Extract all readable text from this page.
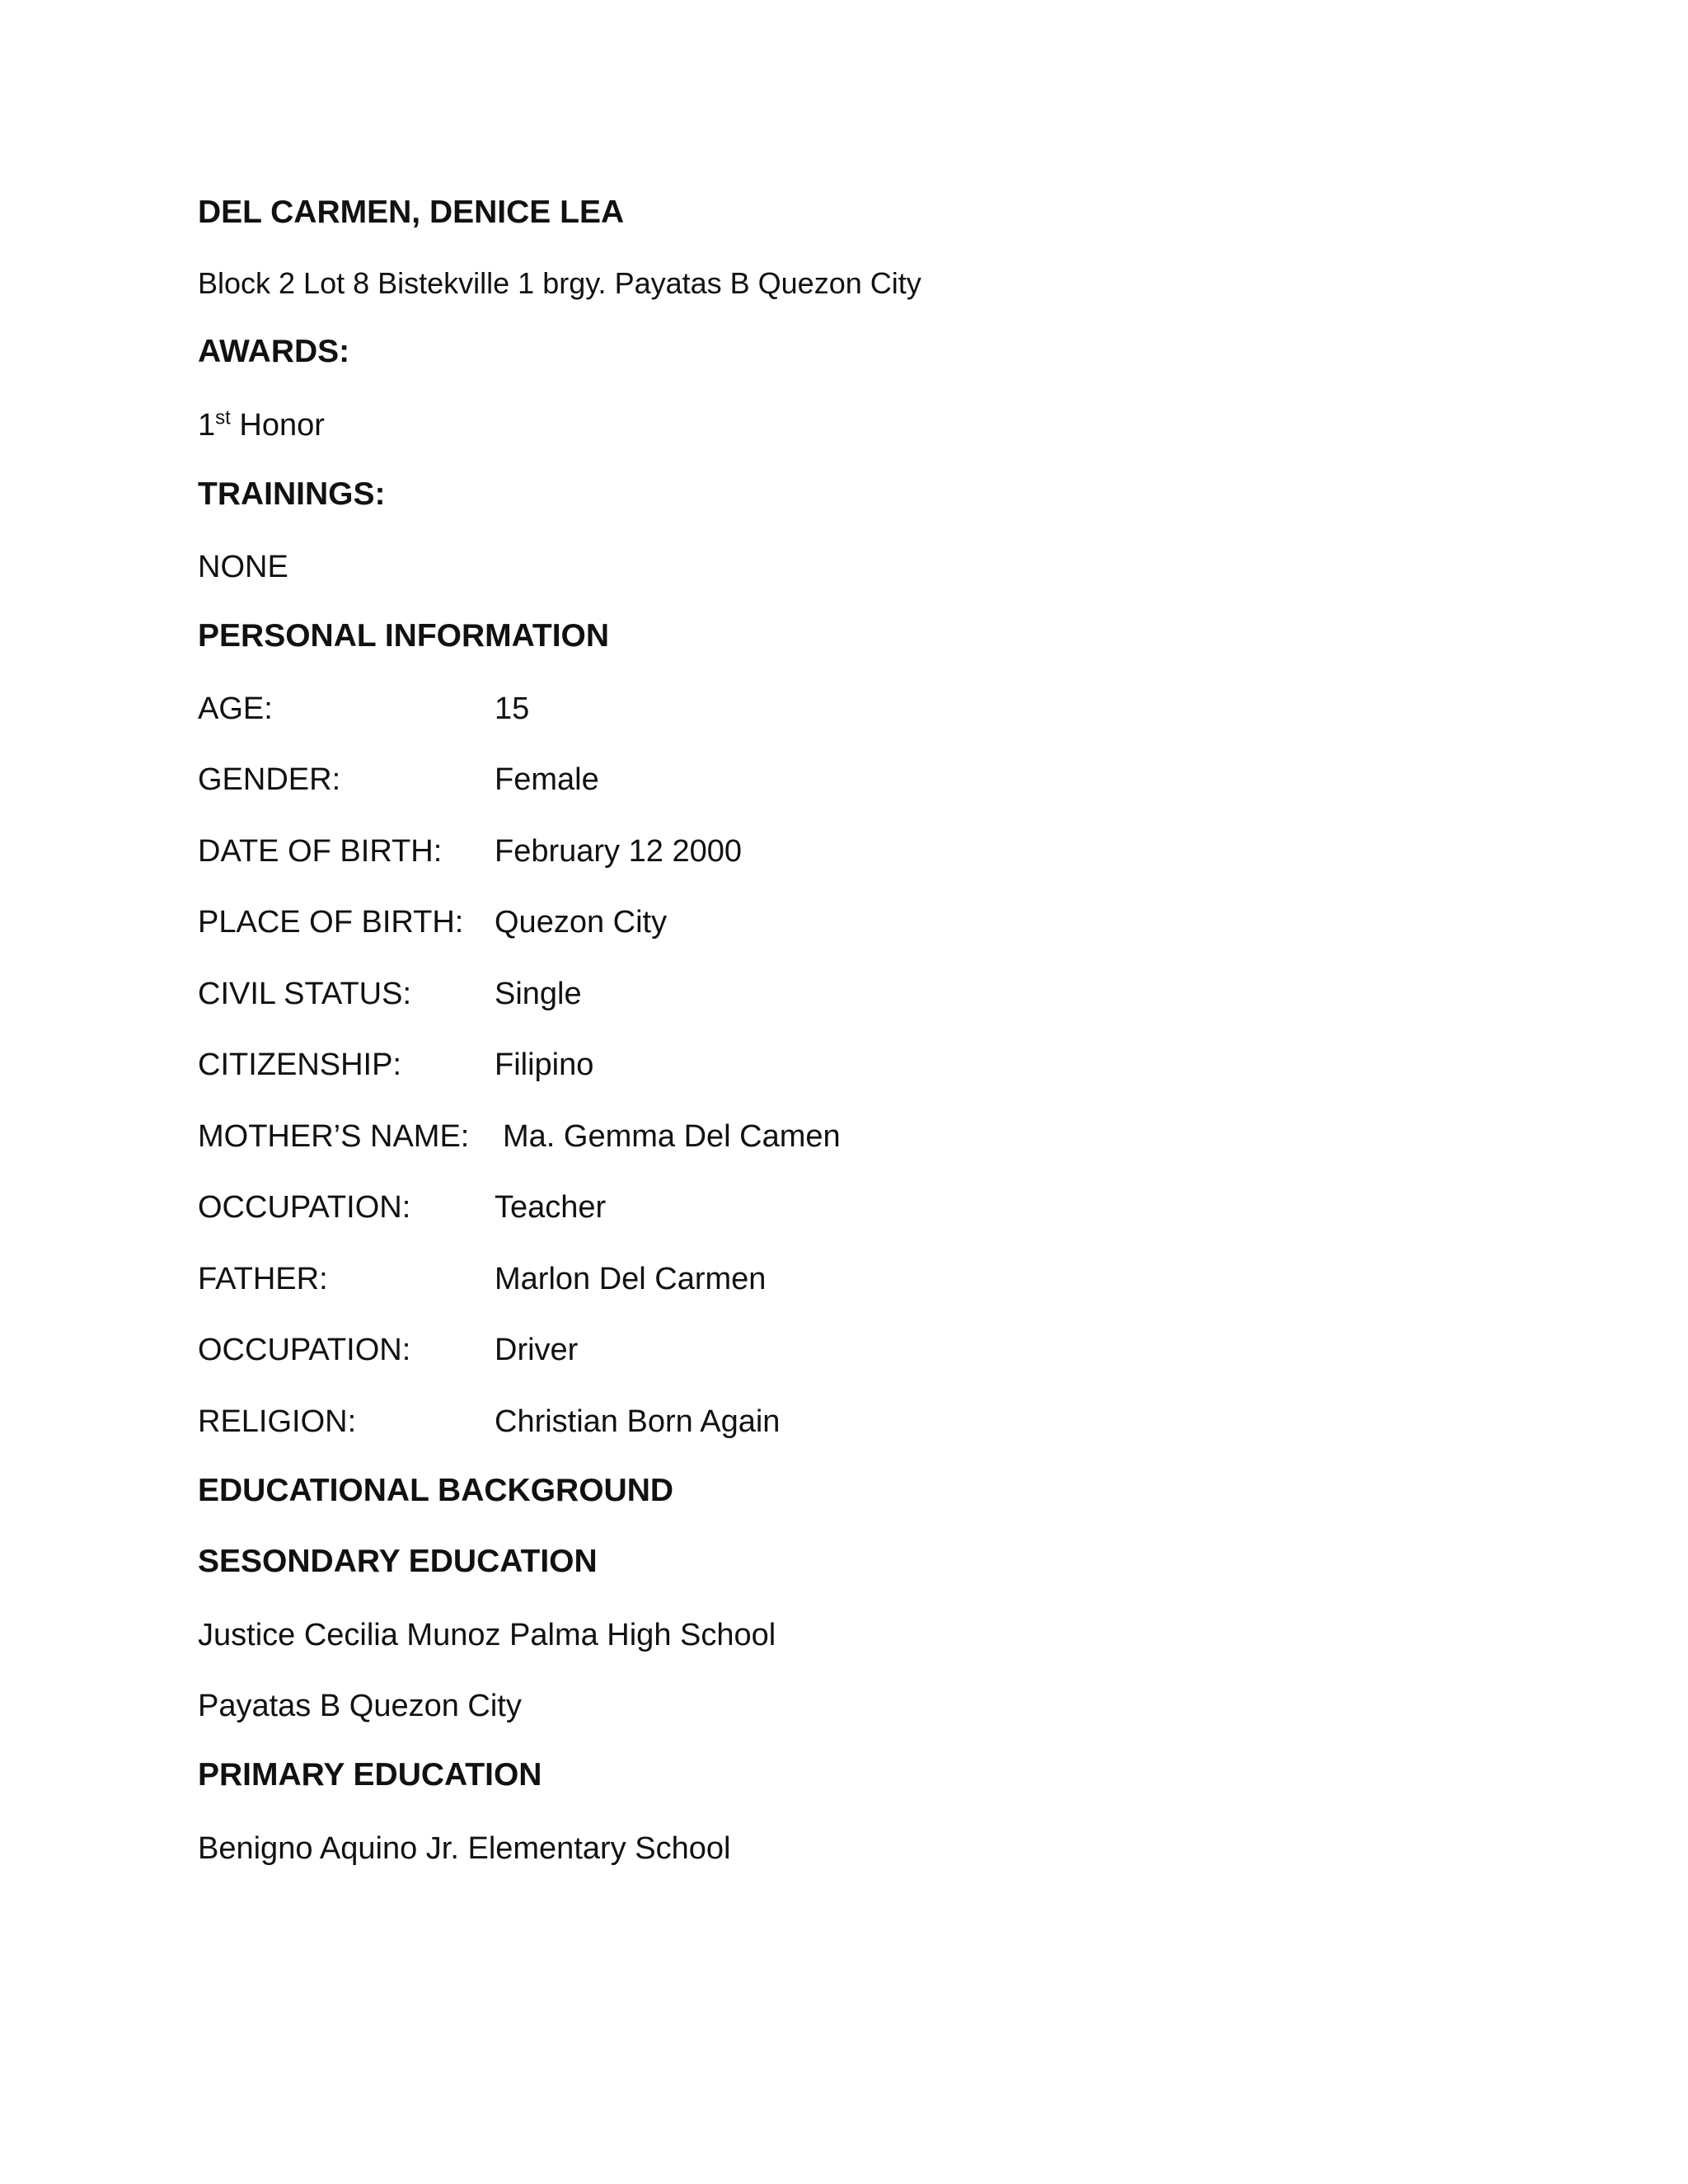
DEL CARMEN, DENICE LEA
Block 2 Lot 8 Bistekville 1 brgy. Payatas B Quezon City
AWARDS:
1st Honor
TRAININGS:
NONE
PERSONAL INFORMATION
AGE:	15
GENDER:	Female
DATE OF BIRTH: February 12 2000
PLACE OF BIRTH: Quezon City
CIVIL STATUS:	Single
CITIZENSHIP:	Filipino
MOTHER’S NAME: Ma. Gemma Del Camen
OCCUPATION:	Teacher
FATHER:	Marlon Del Carmen
OCCUPATION:	Driver
RELIGION:	Christian Born Again
EDUCATIONAL BACKGROUND
SESONDARY EDUCATION
Justice Cecilia Munoz Palma High School
Payatas B Quezon City
PRIMARY EDUCATION
Benigno Aquino Jr. Elementary School
